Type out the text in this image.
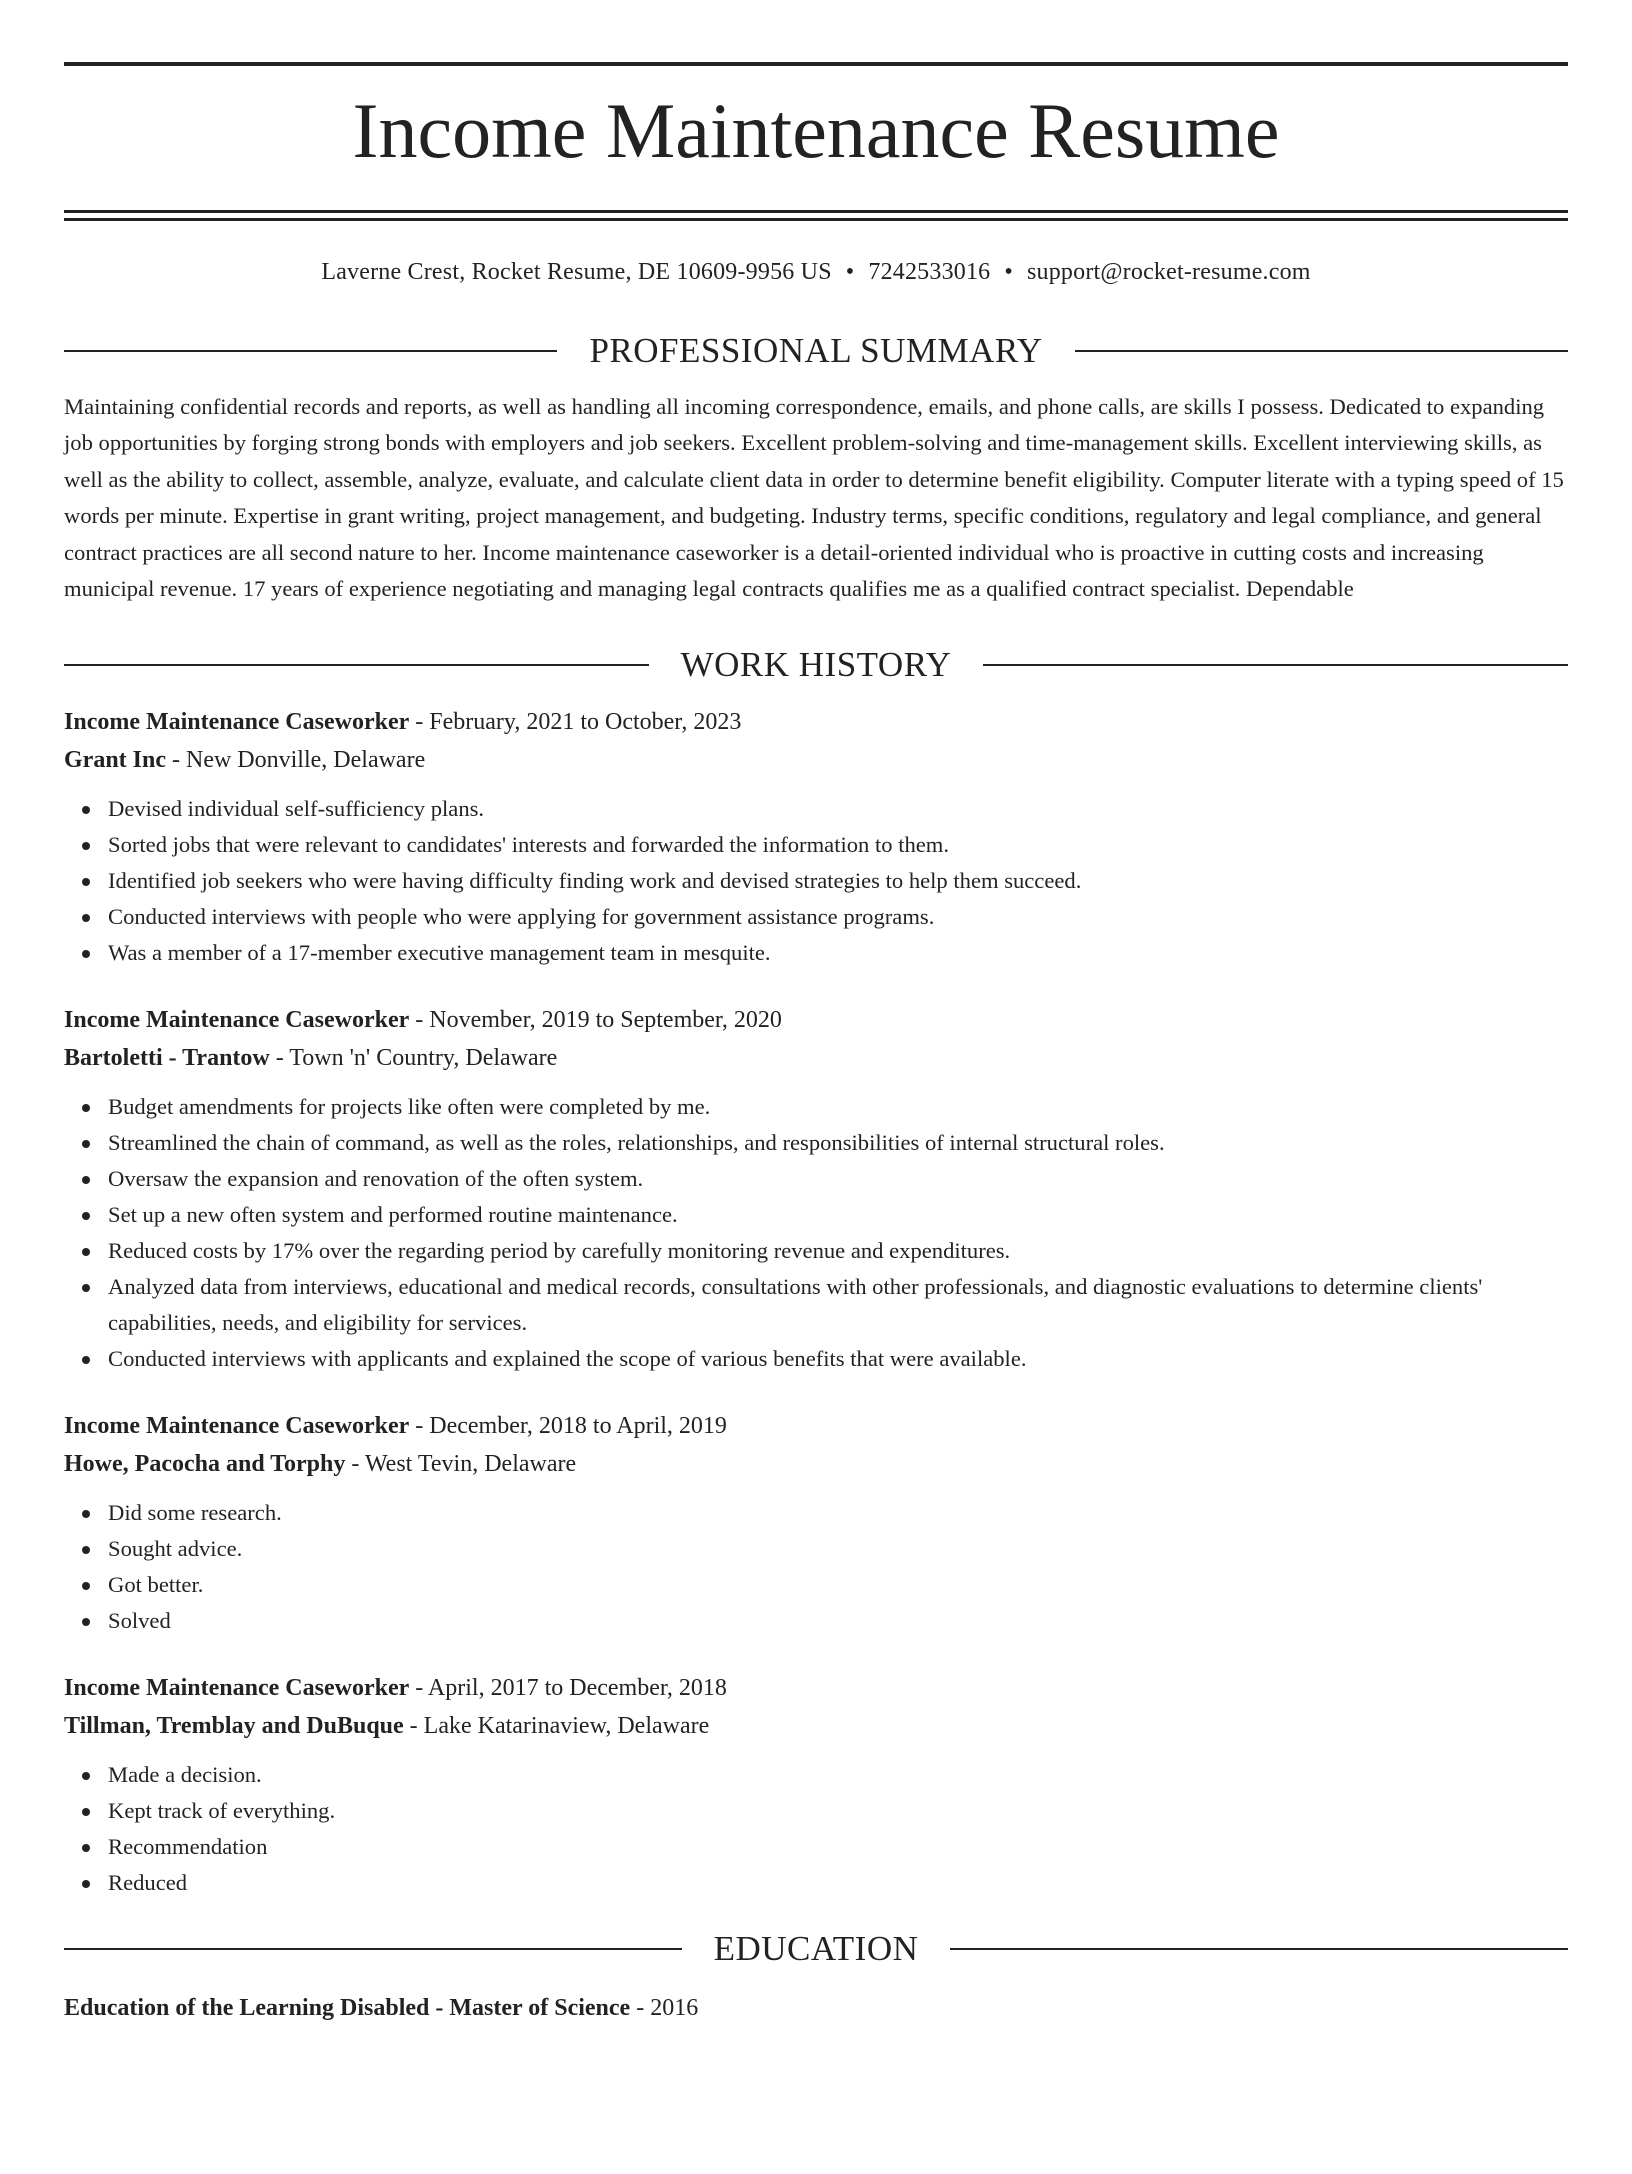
Income Maintenance Resume
Laverne Crest, Rocket Resume, DE 10609-9956 US • 7242533016 • support@rocket-resume.com
PROFESSIONAL SUMMARY
Maintaining confidential records and reports, as well as handling all incoming correspondence, emails, and phone calls, are skills I possess. Dedicated to expanding job opportunities by forging strong bonds with employers and job seekers. Excellent problem-solving and time-management skills. Excellent interviewing skills, as well as the ability to collect, assemble, analyze, evaluate, and calculate client data in order to determine benefit eligibility. Computer literate with a typing speed of 15 words per minute. Expertise in grant writing, project management, and budgeting. Industry terms, specific conditions, regulatory and legal compliance, and general contract practices are all second nature to her. Income maintenance caseworker is a detail-oriented individual who is proactive in cutting costs and increasing municipal revenue. 17 years of experience negotiating and managing legal contracts qualifies me as a qualified contract specialist. Dependable
WORK HISTORY
Income Maintenance Caseworker - February, 2021 to October, 2023
Grant Inc - New Donville, Delaware
Devised individual self-sufficiency plans.
Sorted jobs that were relevant to candidates' interests and forwarded the information to them.
Identified job seekers who were having difficulty finding work and devised strategies to help them succeed.
Conducted interviews with people who were applying for government assistance programs.
Was a member of a 17-member executive management team in mesquite.
Income Maintenance Caseworker - November, 2019 to September, 2020
Bartoletti - Trantow - Town 'n' Country, Delaware
Budget amendments for projects like often were completed by me.
Streamlined the chain of command, as well as the roles, relationships, and responsibilities of internal structural roles.
Oversaw the expansion and renovation of the often system.
Set up a new often system and performed routine maintenance.
Reduced costs by 17% over the regarding period by carefully monitoring revenue and expenditures.
Analyzed data from interviews, educational and medical records, consultations with other professionals, and diagnostic evaluations to determine clients' capabilities, needs, and eligibility for services.
Conducted interviews with applicants and explained the scope of various benefits that were available.
Income Maintenance Caseworker - December, 2018 to April, 2019
Howe, Pacocha and Torphy - West Tevin, Delaware
Did some research.
Sought advice.
Got better.
Solved
Income Maintenance Caseworker - April, 2017 to December, 2018
Tillman, Tremblay and DuBuque - Lake Katarinaview, Delaware
Made a decision.
Kept track of everything.
Recommendation
Reduced
EDUCATION
Education of the Learning Disabled - Master of Science - 2016
